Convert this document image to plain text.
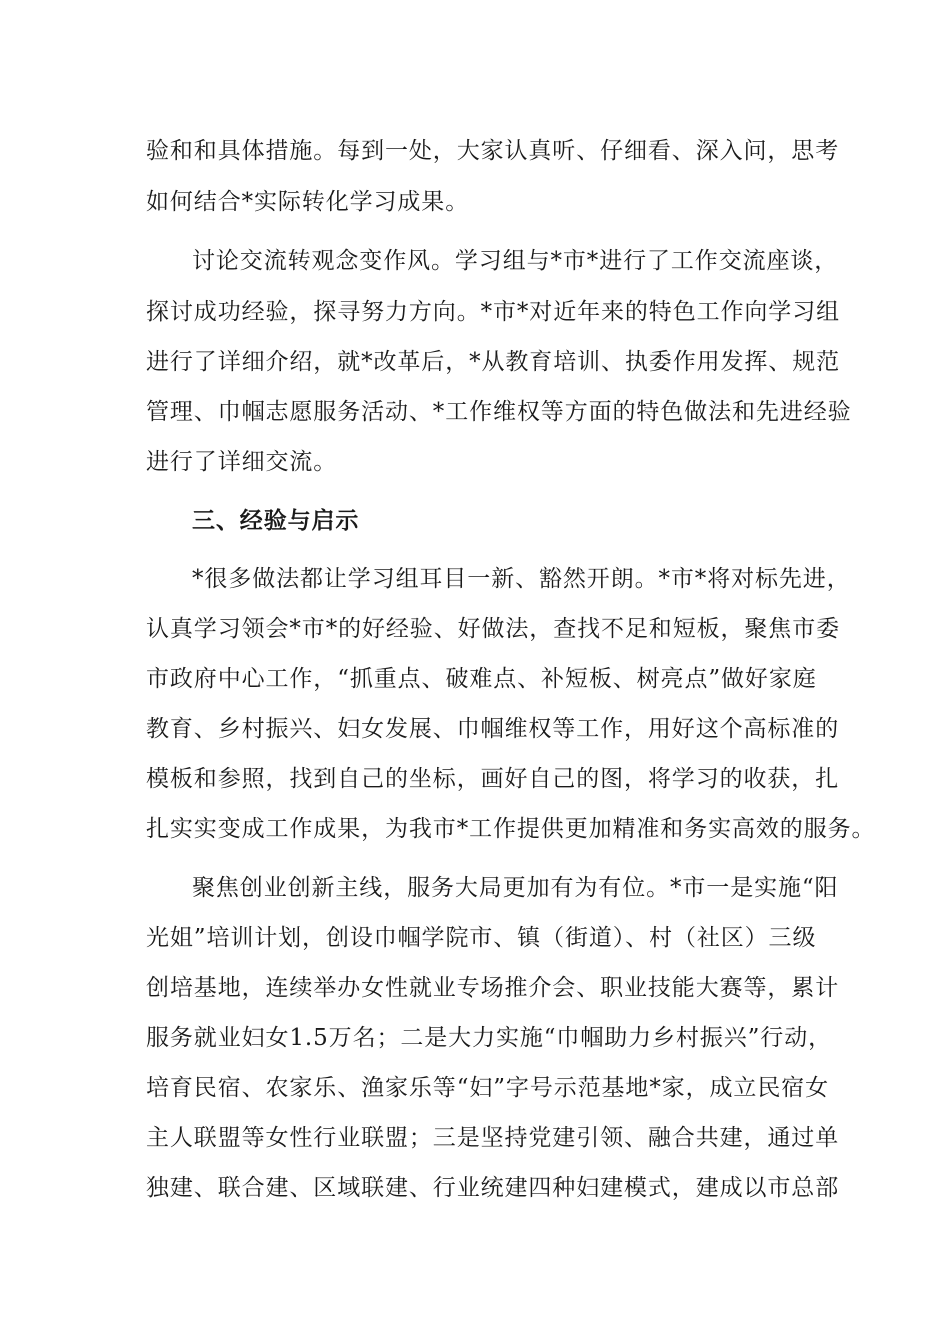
验和和具体措施。每到一处，大家认真听、仔细看、深入问，思考
如何结合*实际转化学习成果。
讨论交流转观念变作风。学习组与*市*进行了工作交流座谈，
探讨成功经验，探寻努力方向。*市*对近年来的特色工作向学习组
进行了详细介绍，就*改革后，*从教育培训、执委作用发挥、规范
管理、巾帼志愿服务活动、*工作维权等方面的特色做法和先进经验
进行了详细交流。
三、经验与启示
*很多做法都让学习组耳目一新、豁然开朗。*市*将对标先进，
认真学习领会*市*的好经验、好做法，查找不足和短板，聚焦市委
市政府中心工作，“抓重点、破难点、补短板、树亮点”做好家庭
教育、乡村振兴、妇女发展、巾帼维权等工作，用好这个高标准的
模板和参照，找到自己的坐标，画好自己的图，将学习的收获，扎
扎实实变成工作成果，为我市*工作提供更加精准和务实高效的服务。
聚焦创业创新主线，服务大局更加有为有位。*市一是实施“阳
光姐”培训计划，创设巾帼学院市、镇（街道）、村（社区）三级
创培基地，连续举办女性就业专场推介会、职业技能大赛等，累计
服务就业妇女1.5万名；二是大力实施“巾帼助力乡村振兴”行动，
培育民宿、农家乐、渔家乐等“妇”字号示范基地*家，成立民宿女
主人联盟等女性行业联盟；三是坚持党建引领、融合共建，通过单
独建、联合建、区域联建、行业统建四种妇建模式，建成以市总部
